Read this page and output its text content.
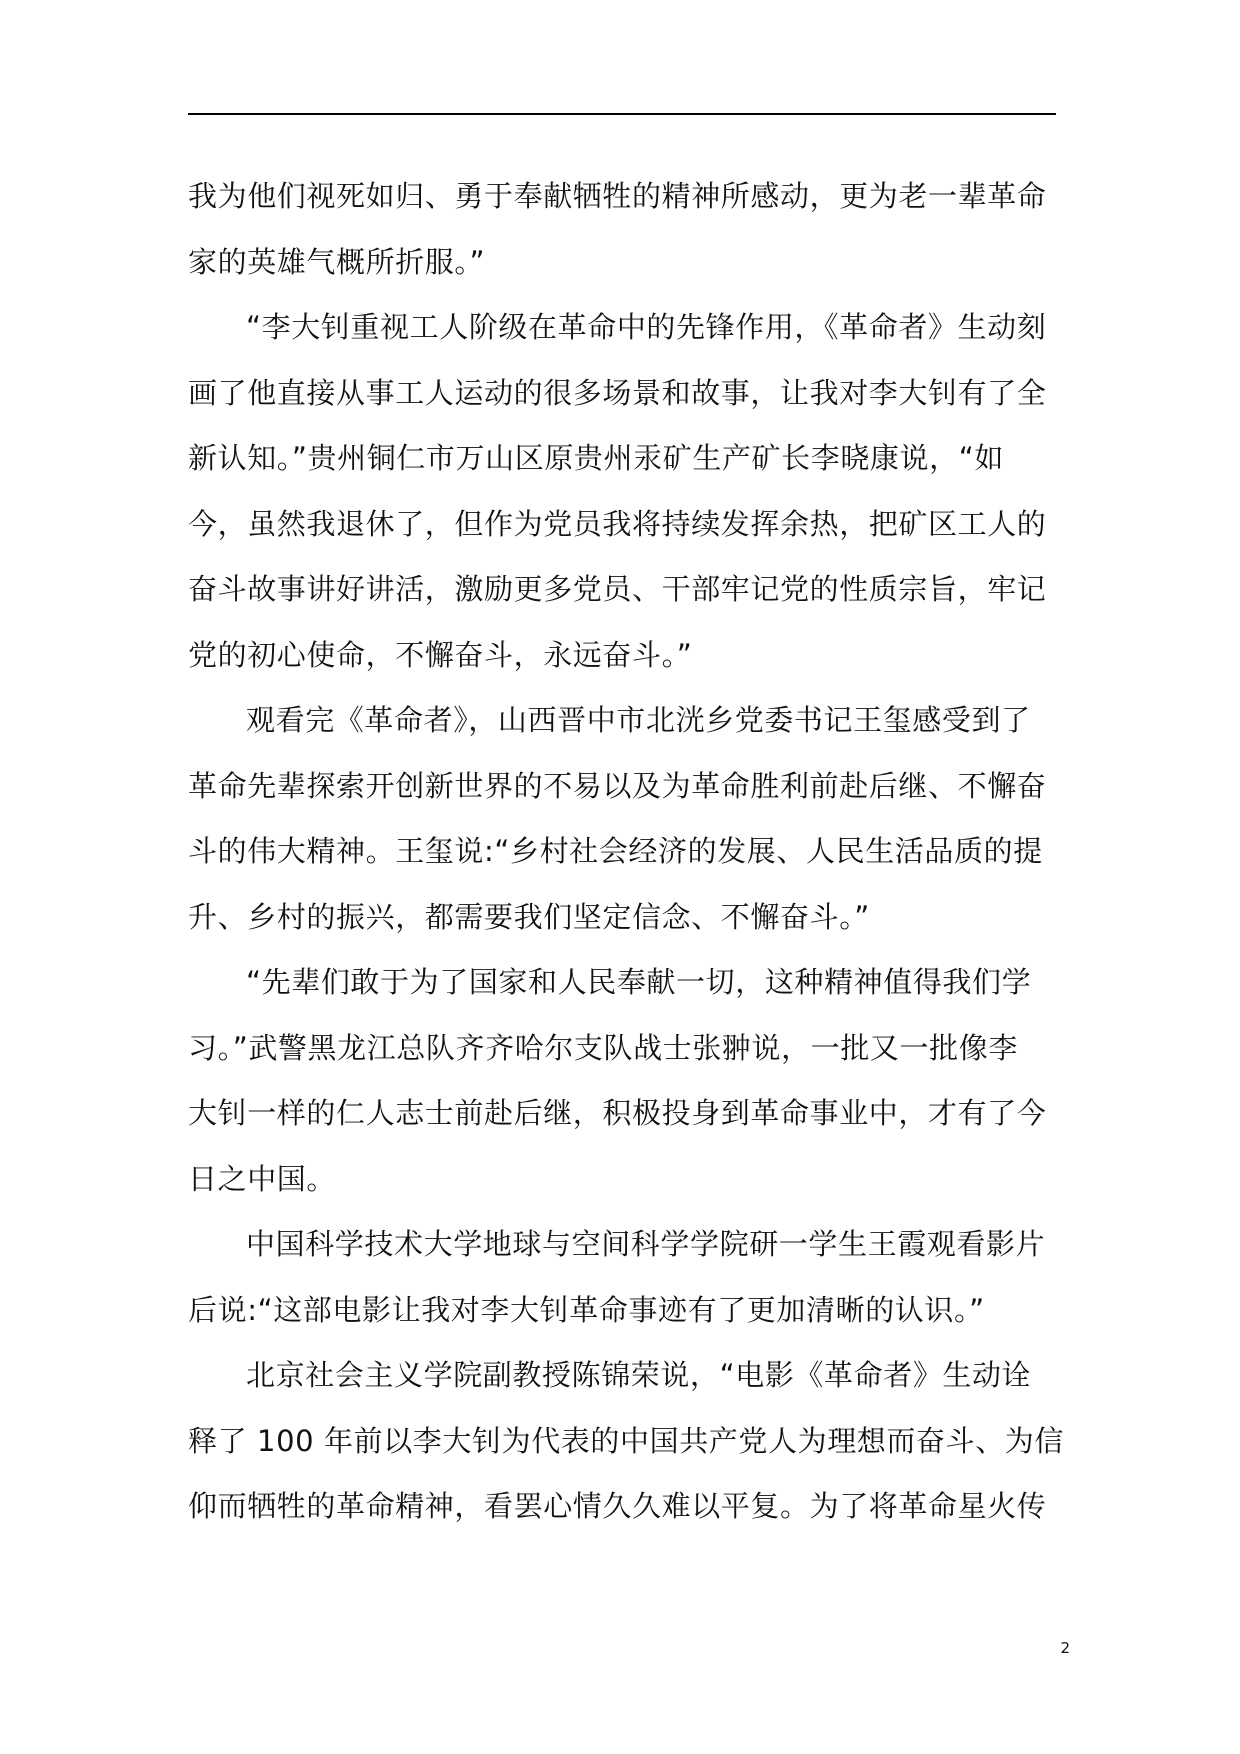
我为他们视死如归、勇于奉献牺牲的精神所感动，更为老一辈革命
家的英雄气概所折服。”
“李大钊重视工人阶级在革命中的先锋作用，《革命者》生动刻
画了他直接从事工人运动的很多场景和故事，让我对李大钊有了全
新认知。”贵州铜仁市万山区原贵州汞矿生产矿长李晓康说，“如
今，虽然我退休了，但作为党员我将持续发挥余热，把矿区工人的
奋斗故事讲好讲活，激励更多党员、干部牢记党的性质宗旨，牢记
党的初心使命，不懈奋斗，永远奋斗。”
观看完《革命者》，山西晋中市北洸乡党委书记王玺感受到了
革命先辈探索开创新世界的不易以及为革命胜利前赴后继、不懈奋
斗的伟大精神。王玺说:“乡村社会经济的发展、人民生活品质的提
升、乡村的振兴，都需要我们坚定信念、不懈奋斗。”
“先辈们敢于为了国家和人民奉献一切，这种精神值得我们学
习。”武警黑龙江总队齐齐哈尔支队战士张翀说，一批又一批像李
大钊一样的仁人志士前赴后继，积极投身到革命事业中，才有了今
日之中国。
中国科学技术大学地球与空间科学学院研一学生王霞观看影片
后说:“这部电影让我对李大钊革命事迹有了更加清晰的认识。”
北京社会主义学院副教授陈锦荣说，“电影《革命者》生动诠
释了 100 年前以李大钊为代表的中国共产党人为理想而奋斗、为信
仰而牺牲的革命精神，看罢心情久久难以平复。为了将革命星火传
2
